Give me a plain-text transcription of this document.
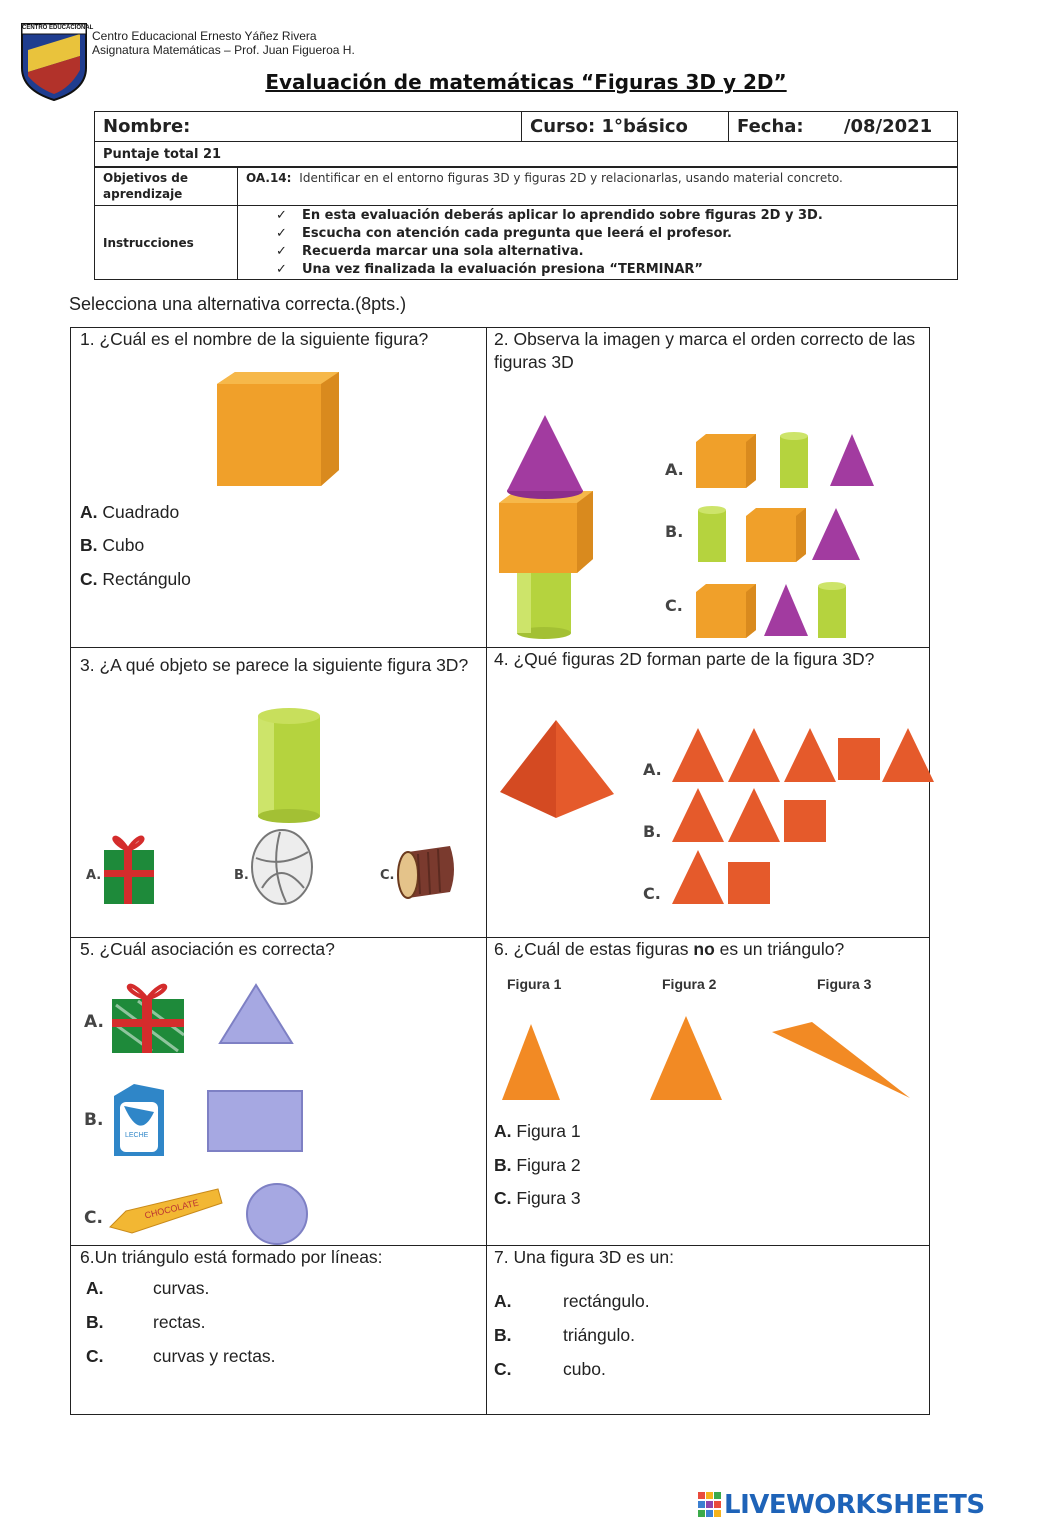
CENTRO EDUCACIONAL
Centro Educacional Ernesto Yáñez Rivera
Asignatura Matemáticas – Prof. Juan Figueroa H.
Evaluación de matemáticas “Figuras 3D y 2D”
Nombre:	Curso: 1°básico	Fecha: /08/2021
Puntaje total 21
Objetivos de aprendizaje	OA.14: Identificar en el entorno figuras 3D y figuras 2D y relacionarlas, usando material concreto.
Instrucciones	✓ En esta evaluación deberás aplicar lo aprendido sobre figuras 2D y 3D.
✓ Escucha con atención cada pregunta que leerá el profesor.
✓ Recuerda marcar una sola alternativa.
✓ Una vez finalizada la evaluación presiona “TERMINAR”
Selecciona una alternativa correcta.(8pts.)
1. ¿Cuál es el nombre de la siguiente figura?
A. Cuadrado
B. Cubo
C. Rectángulo
2. Observa la imagen y marca el orden correcto de las figuras 3D
A.
B.
C.
3. ¿A qué objeto se parece la siguiente figura 3D?
A.	B.	C.
4. ¿Qué figuras 2D forman parte de la figura 3D?
A.
B.
C.
5. ¿Cuál asociación es correcta?
A.
B.
LECHE
C.	CHOCOLATE
6. ¿Cuál de estas figuras no es un triángulo?
Figura 1	Figura 2	Figura 3
A. Figura 1
B. Figura 2
C. Figura 3
6.Un triángulo está formado por líneas:
A.	curvas.
B.	rectas.
C.	curvas y rectas.
7. Una figura 3D es un:
A.	rectángulo.
B.	triángulo.
C.	cubo.
LIVEWORKSHEETS
